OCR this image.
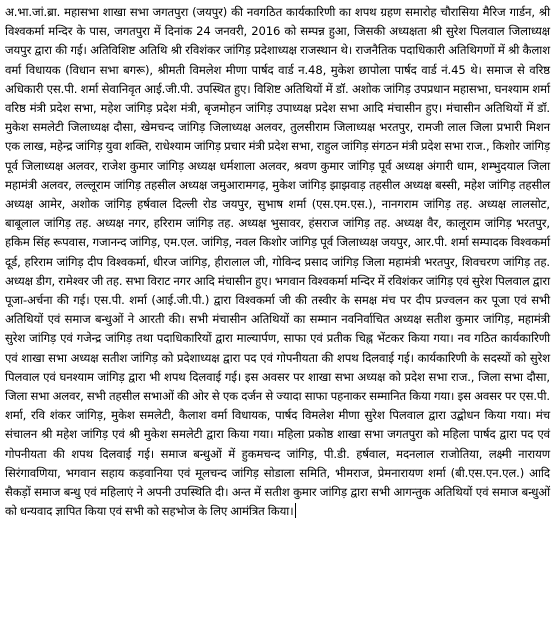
अ.भा.जां.ब्रा. महासभा शाखा सभा जगतपुरा (जयपुर) की नवगठित कार्यकारिणी का शपथ ग्रहण समारोह चौरासिया मैरिज गार्डन, श्री विश्वकर्मा मन्दिर के पास, जगतपुरा में दिनांक 24 जनवरी, 2016 को सम्पन्न हुआ, जिसकी अध्यक्षता श्री सुरेश पिलवाल जिलाध्यक्ष जयपुर द्वारा की गई। अतिविशिष्ट अतिथि श्री रविशंकर जांगिड़ प्रदेशाध्यक्ष राजस्थान थे। राजनैतिक पदाधिकारी अतिथिगणों में श्री कैलाश वर्मा विधायक (विधान सभा बगरू), श्रीमती विमलेश मीणा पार्षद वार्ड न.48, मुकेश छापोला पार्षद वार्ड नं.45 थे। समाज से वरिष्ठ अधिकारी एस.पी. शर्मा सेवानिवृत आई.जी.पी. उपस्थित हुए। विशिष्ट अतिथियों में डॉ. अशोक जांगिड़ उपप्रधान महासभा, घनश्याम शर्मा वरिष्ठ मंत्री प्रदेश सभा, महेश जांगिड़ प्रदेश मंत्री, बृजमोहन जांगिड़ उपाध्यक्ष प्रदेश सभा आदि मंचासीन हुए। मंचासीन अतिथियों में डॉ. मुकेश समलेटी जिलाध्यक्ष दौसा, खेमचन्द जांगिड़ जिलाध्यक्ष अलवर, तुलसीराम जिलाध्यक्ष भरतपुर, रामजी लाल जिला प्रभारी मिशन एक लाख, महेन्द्र जांगिड़ युवा शक्ति, राधेश्याम जांगिड़ प्रचार मंत्री प्रदेश सभा, राहुल जांगिड़ संगठन मंत्री प्रदेश सभा राज., किशोर जांगिड़ पूर्व जिलाध्यक्ष अलवर, राजेश कुमार जांगिड़ अध्यक्ष धर्मशाला अलवर, श्रवण कुमार जांगिड़ पूर्व अध्यक्ष अंगारी धाम, शम्भुदयाल जिला महामंत्री अलवर, लल्लूराम जांगिड़ तहसील अध्यक्ष जमुआरामगढ़, मुकेश जांगिड़ झाझवाड़ तहसील अध्यक्ष बस्सी, महेश जांगिड़ तहसील अध्यक्ष आमेर, अशोक जांगिड़ हर्षवाल दिल्ली रोड जयपुर, सुभाष शर्मा (एस.एम.एस.), नानगराम जांगिड़ तह. अध्यक्ष लालसोट, बाबूलाल जांगिड़ तह. अध्यक्ष नगर, हरिराम जांगिड़ तह. अध्यक्ष भुसावर, हंसराज जांगिड़ तह. अध्यक्ष वैर, कालूराम जांगिड़ भरतपुर, हकिम सिंह रूपवास, गजानन्द जांगिड़, एम.एल. जांगिड़, नवल किशोर जांगिड़ पूर्व जिलाध्यक्ष जयपुर, आर.पी. शर्मा सम्पादक विश्वकर्मा दूर्ड, हरिराम जांगिड़ दीप विश्वकर्मा, धीरज जांगिड़, हीरालाल जी, गोविन्द प्रसाद जांगिड़ जिला महामंत्री भरतपुर, शिवचरण जांगिड़ तह. अध्यक्ष डीग, रामेश्वर जी तह. सभा विराट नगर आदि मंचासीन हुए। भगवान विश्वकर्मा मन्दिर में रविशंकर जांगिड़ एवं सुरेश पिलवाल द्वारा पूजा-अर्चना की गई। एस.पी. शर्मा (आई.जी.पी.) द्वारा विश्वकर्मा जी की तस्वीर के समक्ष मंच पर दीप प्रज्वलन कर पूजा एवं सभी अतिथियों एवं समाज बन्धुओं ने आरती की। सभी मंचासीन अतिथियों का सम्मान नवनिर्वाचित अध्यक्ष सतीश कुमार जांगिड़, महामंत्री सुरेश जांगिड़ एवं गजेन्द्र जांगिड़ तथा पदाधिकारियों द्वारा माल्यार्पण, साफा एवं प्रतीक चिह्न भेंटकर किया गया। नव गठित कार्यकारिणी एवं शाखा सभा अध्यक्ष सतीश जांगिड़ को प्रदेशाध्यक्ष द्वारा पद एवं गोपनीयता की शपथ दिलवाई गई। कार्यकारिणी के सदस्यों को सुरेश पिलवाल एवं घनश्याम जांगिड़ द्वारा भी शपथ दिलवाई गई। इस अवसर पर शाखा सभा अध्यक्ष को प्रदेश सभा राज., जिला सभा दौसा, जिला सभा अलवर, सभी तहसील सभाओं की ओर से एक दर्जन से ज्यादा साफा पहनाकर सम्मानित किया गया। इस अवसर पर एस.पी. शर्मा, रवि शंकर जांगिड़, मुकेश समलेटी, कैलाश वर्मा विधायक, पार्षद विमलेश मीणा सुरेश पिलवाल द्वारा उद्बोधन किया गया। मंच संचालन श्री महेश जांगिड़ एवं श्री मुकेश समलेटी द्वारा किया गया। महिला प्रकोष्ठ शाखा सभा जगतपुरा को महिला पार्षद द्वारा पद एवं गोपनीयता की शपथ दिलवाई गई। समाज बन्धुओं में हुकमचन्द जांगिड़, पी.डी. हर्षवाल, मदनलाल राजोतिया, लक्ष्मी नारायण सिरंगावणिया, भगवान सहाय कड़वानिया एवं मूलचन्द जांगिड़ सोडाला समिति, भीमराज, प्रेमनारायण शर्मा (बी.एस.एन.एल.) आदि सैकड़ों समाज बन्धु एवं महिलाएं ने अपनी उपस्थिति दी। अन्त में सतीश कुमार जांगिड़ द्वारा सभी आगन्तुक अतिथियों एवं समाज बन्धुओं को धन्यवाद ज्ञापित किया एवं सभी को सहभोज के लिए आमंत्रित किया।
